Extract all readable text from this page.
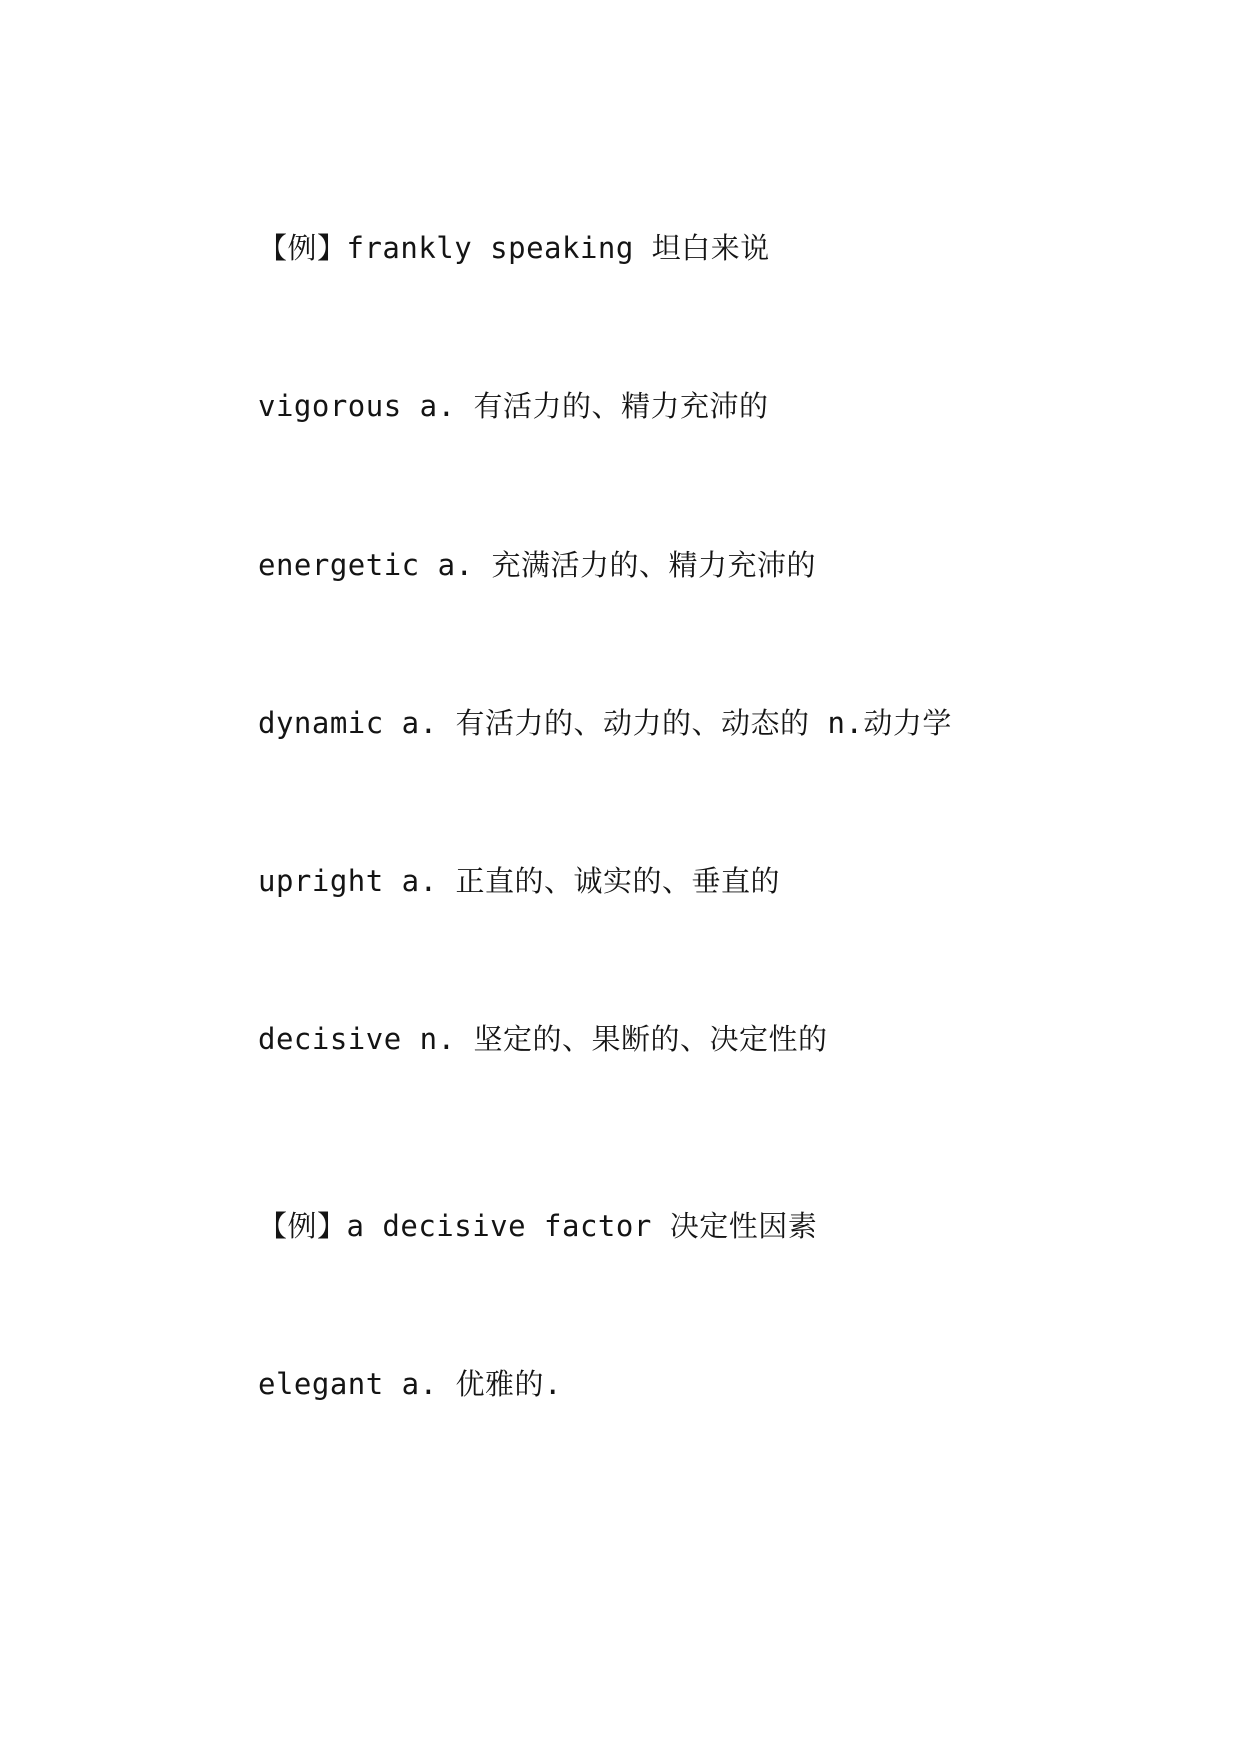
【例】frankly speaking 坦白来说
vigorous a. 有活力的、精力充沛的
energetic a. 充满活力的、精力充沛的
dynamic a. 有活力的、动力的、动态的 n.动力学
upright a. 正直的、诚实的、垂直的
decisive n. 坚定的、果断的、决定性的
【例】a decisive factor 决定性因素
elegant a. 优雅的.
